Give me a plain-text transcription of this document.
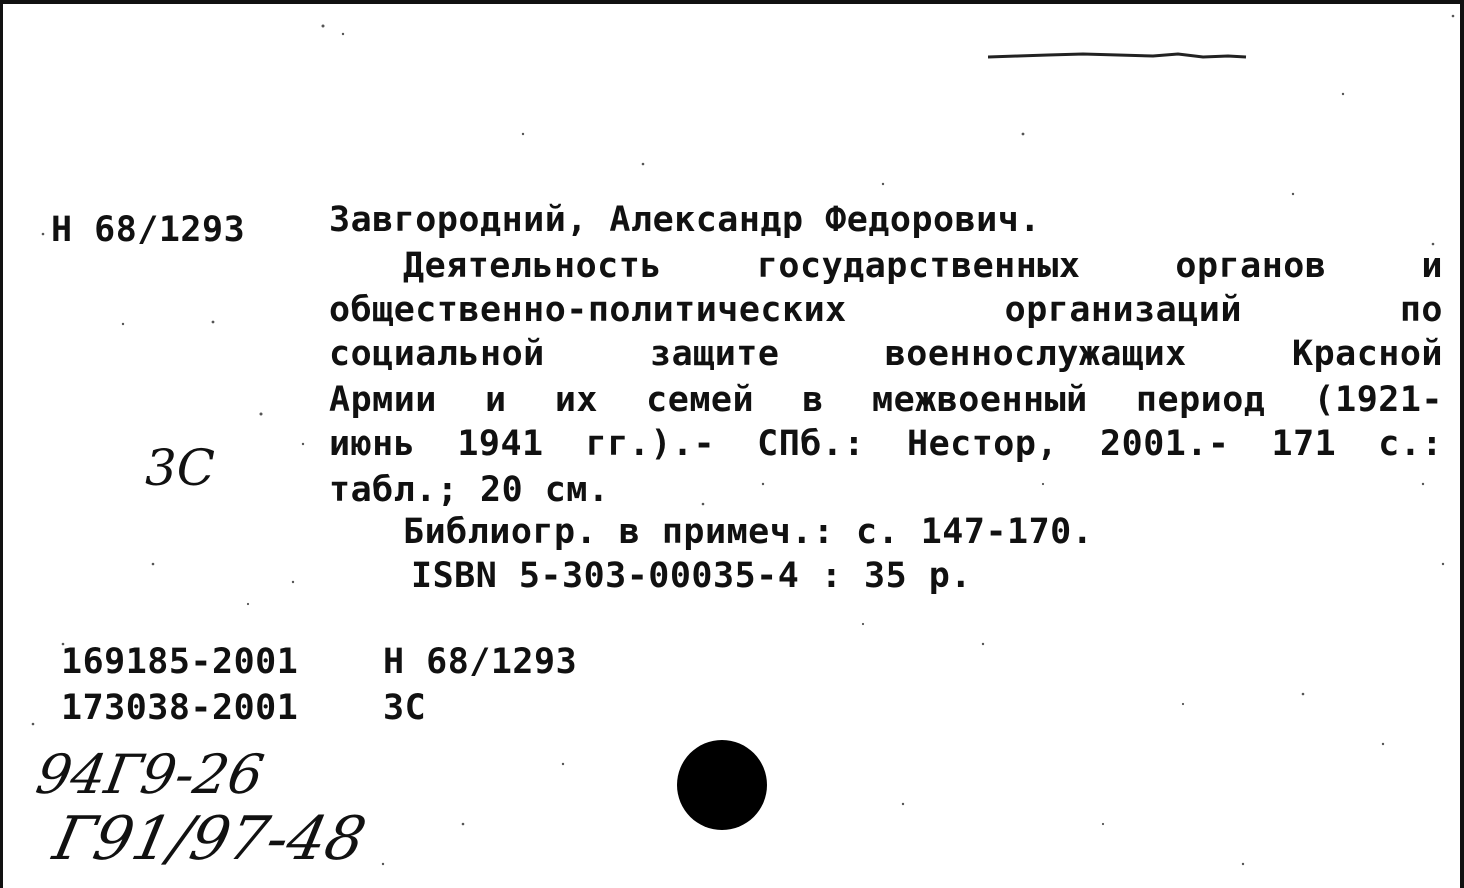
Н 68/1293 Завгородний, Александр Федорович.
Деятельность государственных органов и
общественно-политических организаций по
социальной защите военнослужащих Красной
Армии и их семей в межвоенный период (1921-
июнь 1941 гг.).- СПб.: Нестор, 2001.- 171 с.:
табл.; 20 см.
Библиогр. в примеч.: с. 147-170.
ISBN 5-303-00035-4 : 35 р.
3С
169185-2001 Н 68/1293
173038-2001 3С
94Г9-26
Г91/97-48
